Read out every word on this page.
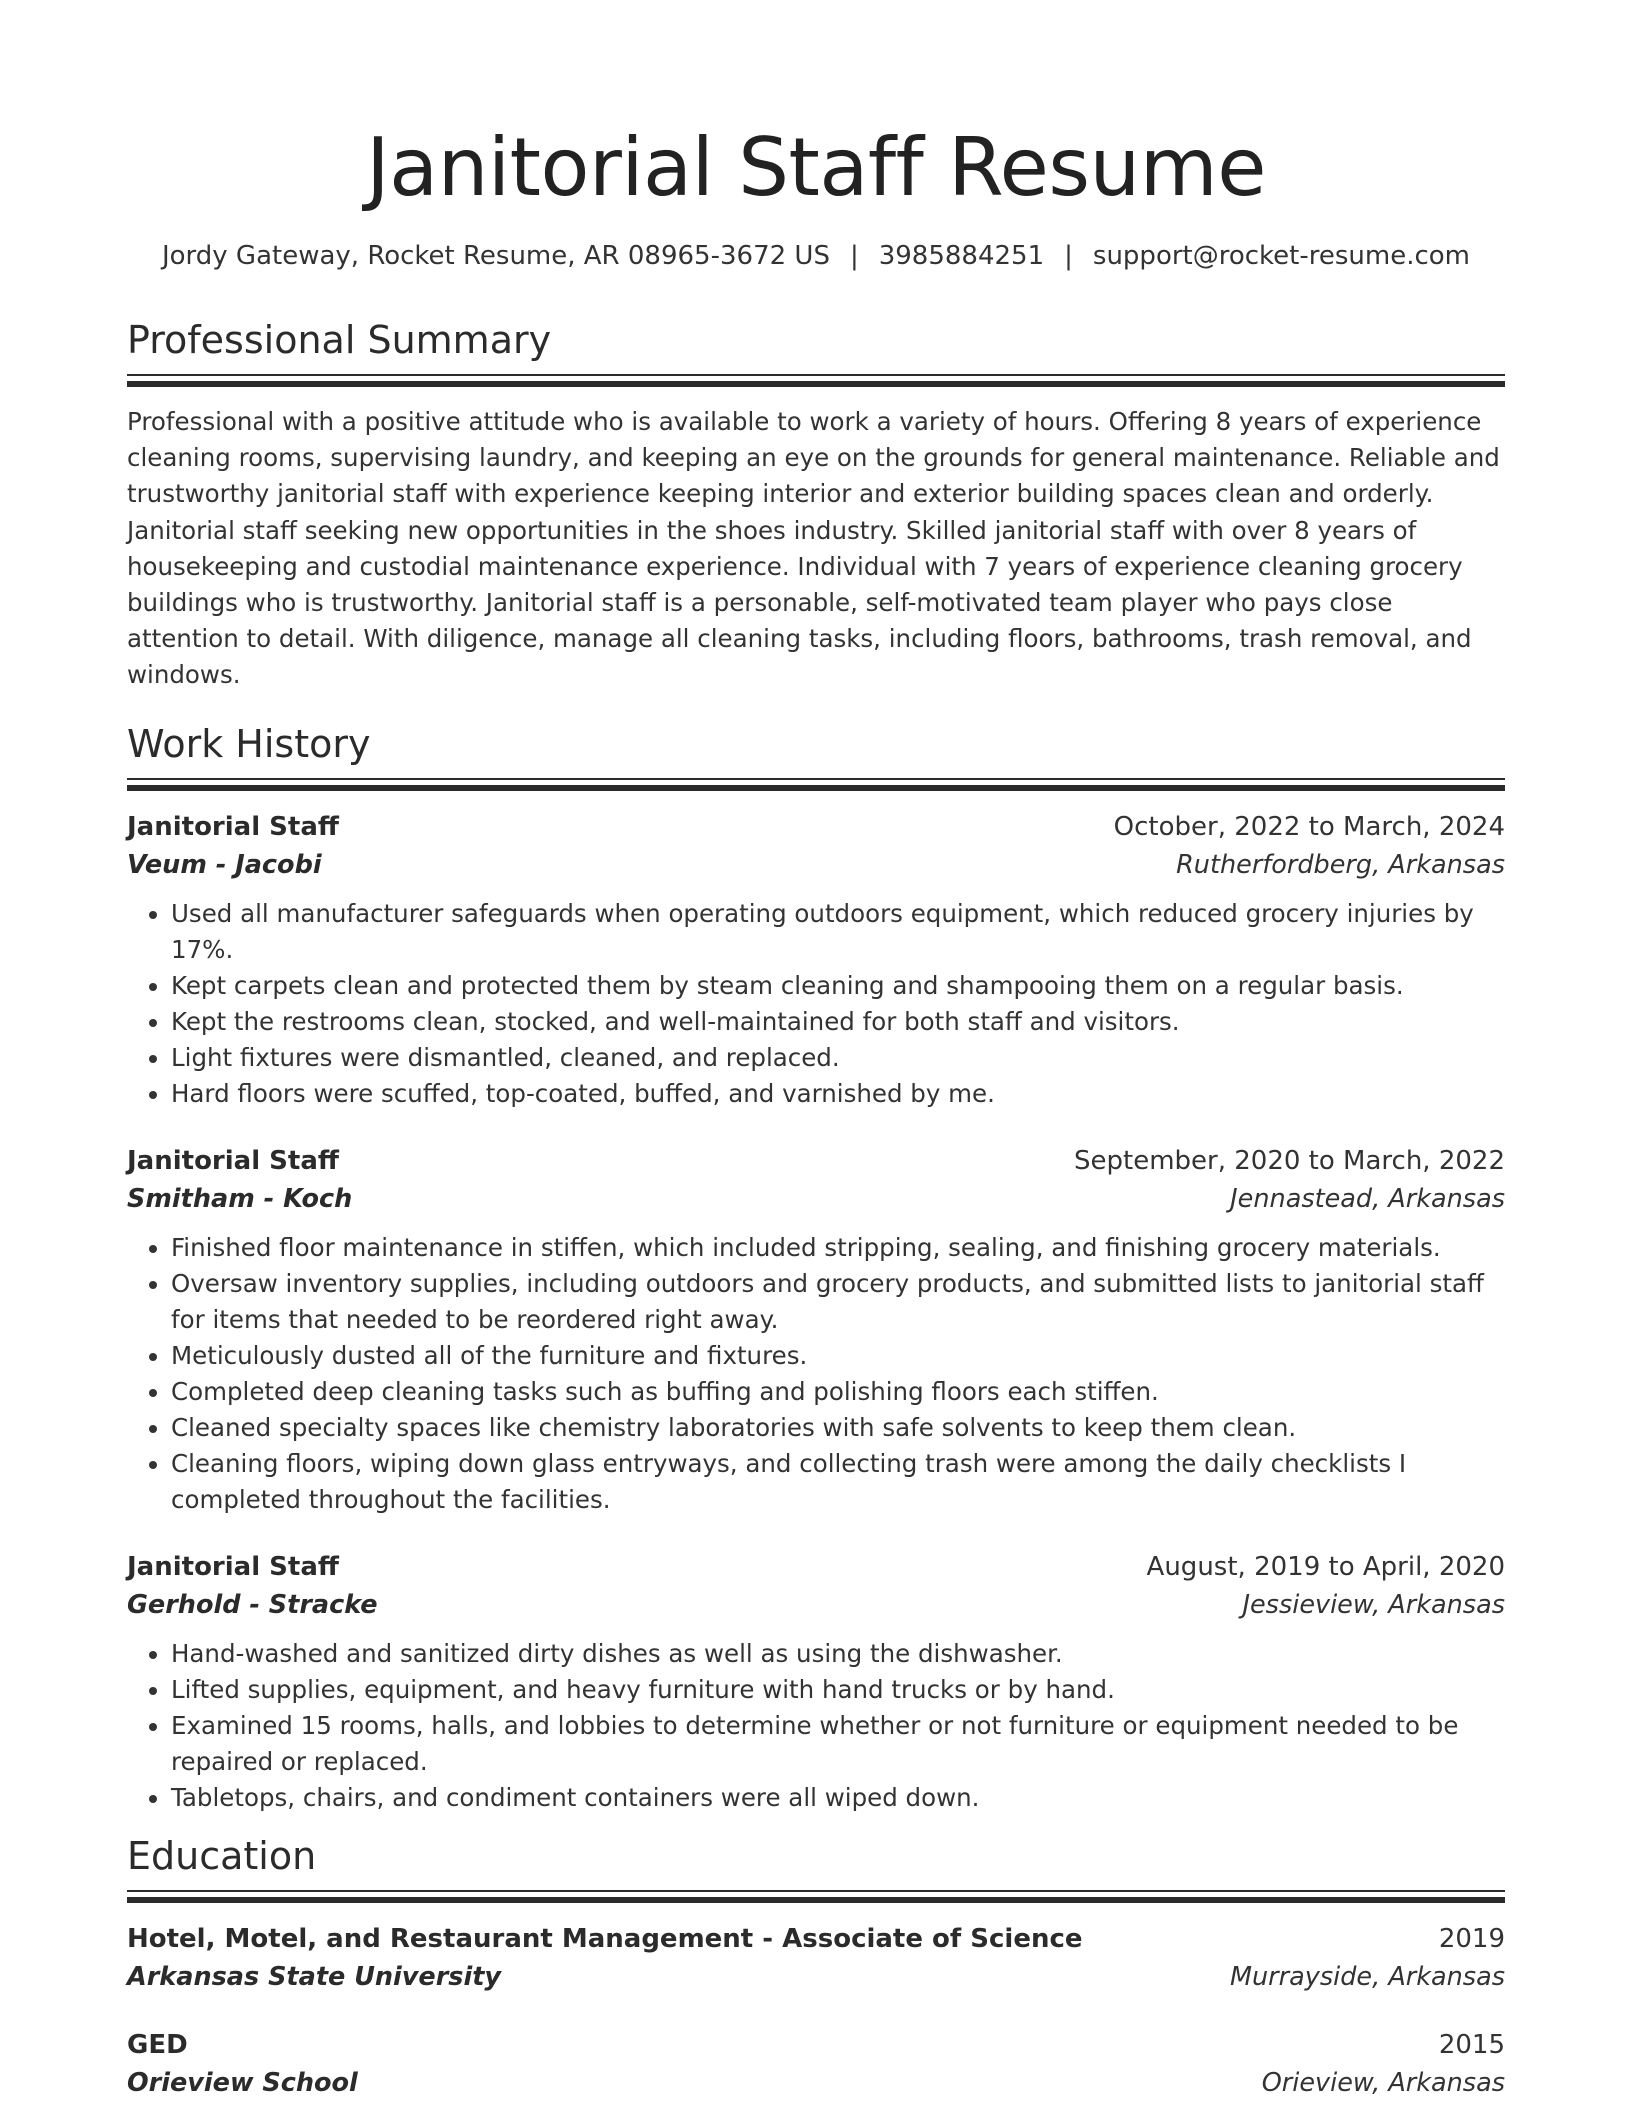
Janitorial Staff Resume
Jordy Gateway, Rocket Resume, AR 08965-3672 US | 3985884251 | support@rocket-resume.com
Professional Summary

Professional with a positive attitude who is available to work a variety of hours. Offering 8 years of experience cleaning rooms, supervising laundry, and keeping an eye on the grounds for general maintenance. Reliable and trustworthy janitorial staff with experience keeping interior and exterior building spaces clean and orderly. Janitorial staff seeking new opportunities in the shoes industry. Skilled janitorial staff with over 8 years of housekeeping and custodial maintenance experience. Individual with 7 years of experience cleaning grocery buildings who is trustworthy. Janitorial staff is a personable, self-motivated team player who pays close attention to detail. With diligence, manage all cleaning tasks, including floors, bathrooms, trash removal, and windows.

Work History
Janitorial Staff	October, 2022 to March, 2024
Veum - Jacobi	Rutherfordberg, Arkansas
• Used all manufacturer safeguards when operating outdoors equipment, which reduced grocery injuries by 17%.
• Kept carpets clean and protected them by steam cleaning and shampooing them on a regular basis.
• Kept the restrooms clean, stocked, and well-maintained for both staff and visitors.
• Light fixtures were dismantled, cleaned, and replaced.
• Hard floors were scuffed, top-coated, buffed, and varnished by me.
Janitorial Staff	September, 2020 to March, 2022
Smitham - Koch	Jennastead, Arkansas
• Finished floor maintenance in stiffen, which included stripping, sealing, and finishing grocery materials.
• Oversaw inventory supplies, including outdoors and grocery products, and submitted lists to janitorial staff for items that needed to be reordered right away.
• Meticulously dusted all of the furniture and fixtures.
• Completed deep cleaning tasks such as buffing and polishing floors each stiffen.
• Cleaned specialty spaces like chemistry laboratories with safe solvents to keep them clean.
• Cleaning floors, wiping down glass entryways, and collecting trash were among the daily checklists I completed throughout the facilities.
Janitorial Staff	August, 2019 to April, 2020
Gerhold - Stracke	Jessieview, Arkansas
• Hand-washed and sanitized dirty dishes as well as using the dishwasher.
• Lifted supplies, equipment, and heavy furniture with hand trucks or by hand.
• Examined 15 rooms, halls, and lobbies to determine whether or not furniture or equipment needed to be repaired or replaced.
• Tabletops, chairs, and condiment containers were all wiped down.
Education
Hotel, Motel, and Restaurant Management - Associate of Science	2019
Arkansas State University	Murrayside, Arkansas
GED	2015
Orieview School	Orieview, Arkansas
